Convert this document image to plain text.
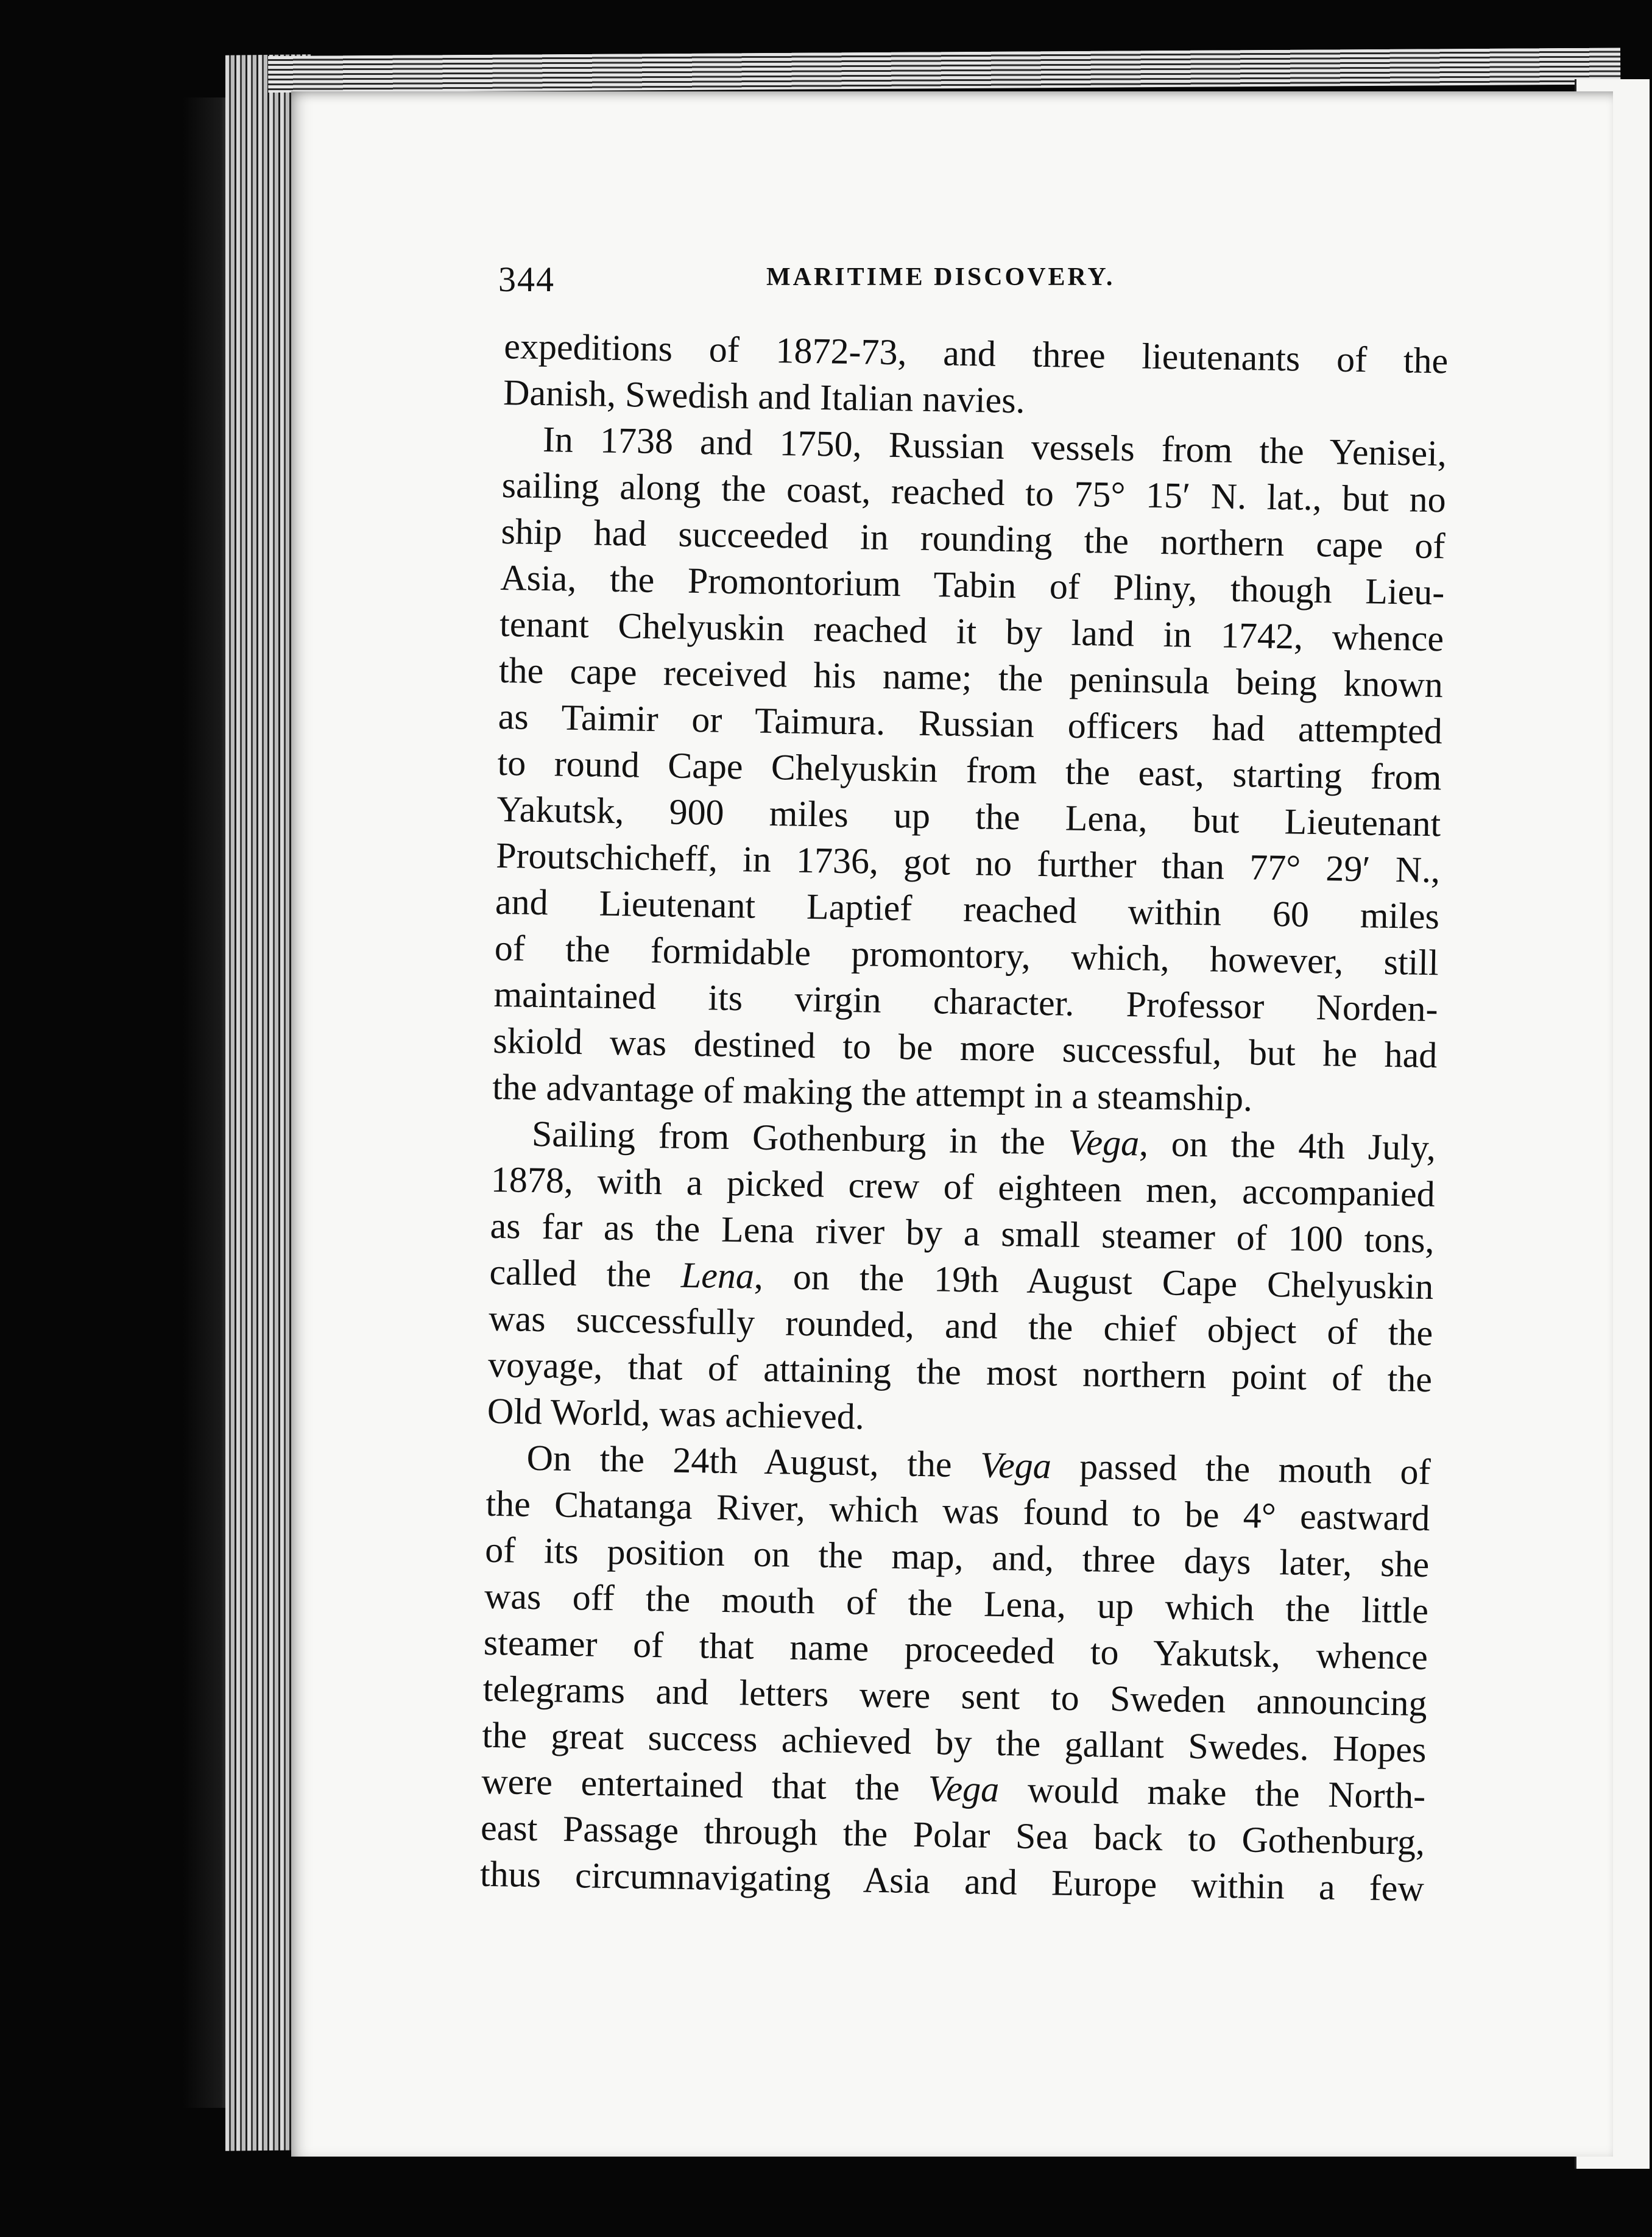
344	MARITIME DISCOVERY.
expeditions of 1872-73, and three lieutenants of the
Danish, Swedish and Italian navies.
In 1738 and 1750, Russian vessels from the Yenisei,
sailing along the coast, reached to 75° 15′ N. lat., but no
ship had succeeded in rounding the northern cape of
Asia, the Promontorium Tabin of Pliny, though Lieu-
tenant Chelyuskin reached it by land in 1742, whence
the cape received his name; the peninsula being known
as Taimir or Taimura. Russian officers had attempted
to round Cape Chelyuskin from the east, starting from
Yakutsk, 900 miles up the Lena, but Lieutenant
Proutschicheff, in 1736, got no further than 77° 29′ N.,
and Lieutenant Laptief reached within 60 miles
of the formidable promontory, which, however, still
maintained its virgin character. Professor Norden-
skiold was destined to be more successful, but he had
the advantage of making the attempt in a steamship.
Sailing from Gothenburg in the Vega, on the 4th July,
1878, with a picked crew of eighteen men, accompanied
as far as the Lena river by a small steamer of 100 tons,
called the Lena, on the 19th August Cape Chelyuskin
was successfully rounded, and the chief object of the
voyage, that of attaining the most northern point of the
Old World, was achieved.
On the 24th August, the Vega passed the mouth of
the Chatanga River, which was found to be 4° eastward
of its position on the map, and, three days later, she
was off the mouth of the Lena, up which the little
steamer of that name proceeded to Yakutsk, whence
telegrams and letters were sent to Sweden announcing
the great success achieved by the gallant Swedes. Hopes
were entertained that the Vega would make the North-
east Passage through the Polar Sea back to Gothenburg,
thus circumnavigating Asia and Europe within a few
